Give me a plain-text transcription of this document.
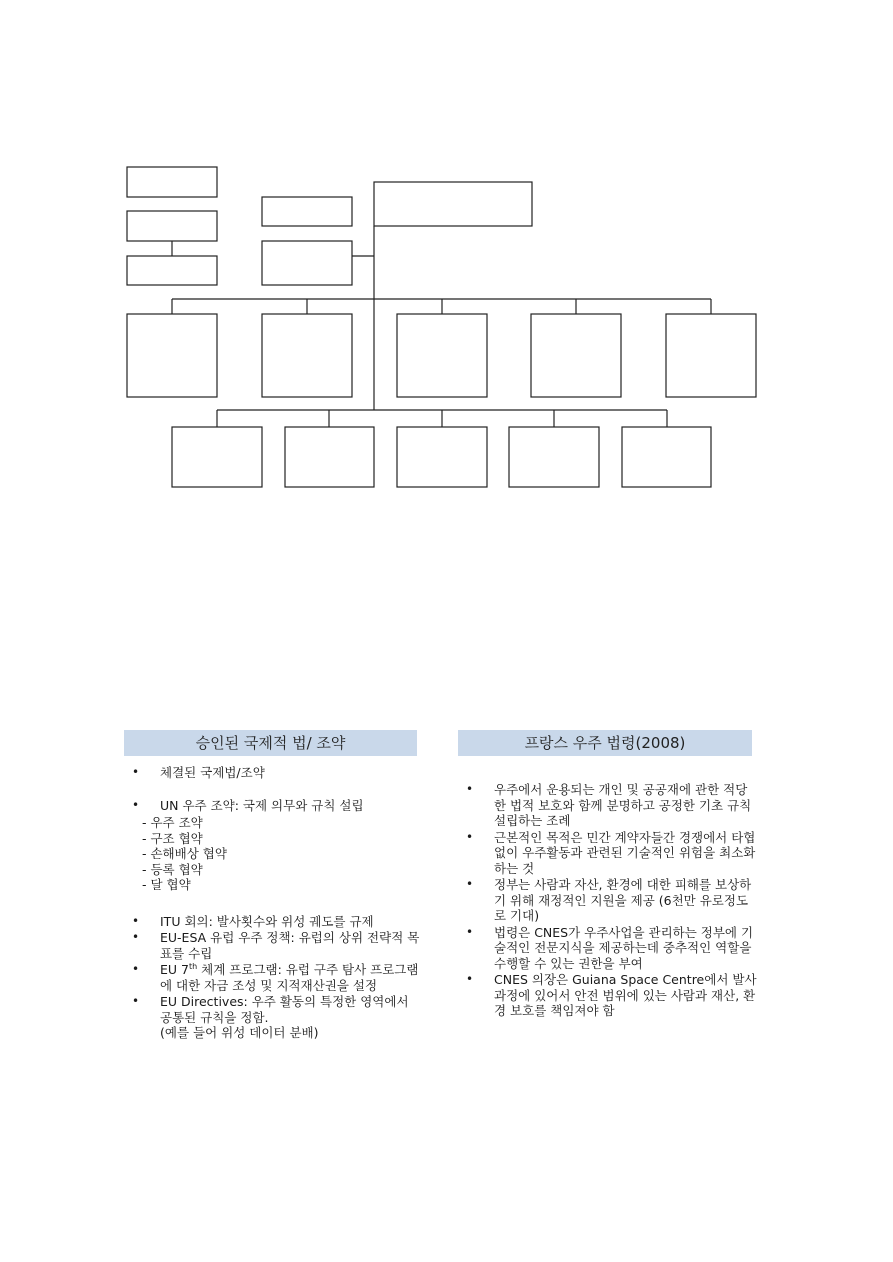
승인된 국제적 법/ 조약
• 체결된 국제법/조약
• UN 우주 조약: 국제 의무와 규칙 설립
- 우주 조약
- 구조 협약
- 손해배상 협약
- 등록 협약
- 달 협약
• ITU 회의: 발사횟수와 위성 궤도를 규제
• EU-ESA 유럽 우주 정책: 유럽의 상위 전략적 목표를 수립
• EU 7th 체계 프로그램: 유럽 구주 탐사 프로그램에 대한 자금 조성 및 지적재산권을 설정
• EU Directives: 우주 활동의 특정한 영역에서 공통된 규칙을 정함.
(예를 들어 위성 데이터 분배)
프랑스 우주 법령(2008)
• 우주에서 운용되는 개인 및 공공재에 관한 적당한 법적 보호와 함께 분명하고 공정한 기초 규칙 설립하는 조례
• 근본적인 목적은 민간 계약자들간 경쟁에서 타협 없이 우주활동과 관련된 기술적인 위험을 최소화하는 것
• 정부는 사람과 자산, 환경에 대한 피해를 보상하기 위해 재정적인 지원을 제공 (6천만 유로정도로 기대)
• 법령은 CNES가 우주사업을 관리하는 정부에 기술적인 전문지식을 제공하는데 중추적인 역할을 수행할 수 있는 권한을 부여
• CNES 의장은 Guiana Space Centre에서 발사과정에 있어서 안전 범위에 있는 사람과 재산, 환경 보호를 책임져야 함
